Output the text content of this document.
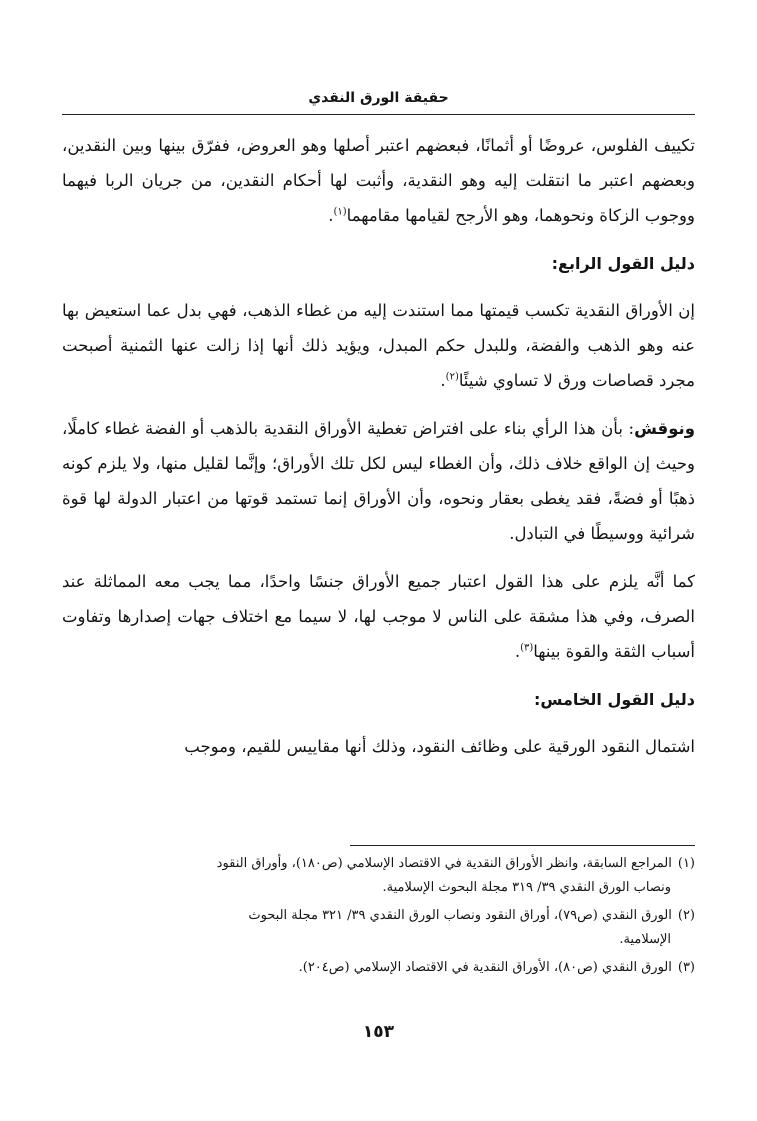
حقيقة الورق النقدي

تكييف الفلوس، عروضًا أو أثمانًا، فبعضهم اعتبر أصلها وهو العروض، ففرّق بينها وبين النقدين، وبعضهم اعتبر ما انتقلت إليه وهو النقدية، وأثبت لها أحكام النقدين، من جريان الربا فيهما ووجوب الزكاة ونحوهما، وهو الأرجح لقيامها مقامهما$^{(١)}$.

دليل القول الرابع:

إن الأوراق النقدية تكسب قيمتها مما استندت إليه من غطاء الذهب، فهي بدل عما استعيض بها عنه وهو الذهب والفضة، وللبدل حكم المبدل، ويؤيد ذلك أنها إذا زالت عنها الثمنية أصبحت مجرد قصاصات ورق لا تساوي شيئًا$^{(٢)}$.

ونوقش: بأن هذا الرأي بناء على افتراض تغطية الأوراق النقدية بالذهب أو الفضة غطاء كاملًا، وحيث إن الواقع خلاف ذلك، وأن الغطاء ليس لكل تلك الأوراق؛ وإنَّما لقليل منها، ولا يلزم كونه ذهبًا أو فضةً، فقد يغطى بعقار ونحوه، وأن الأوراق إنما تستمد قوتها من اعتبار الدولة لها قوة شرائية ووسيطًا في التبادل.

كما أنَّه يلزم على هذا القول اعتبار جميع الأوراق جنسًا واحدًا، مما يجب معه المماثلة عند الصرف، وفي هذا مشقة على الناس لا موجب لها، لا سيما مع اختلاف جهات إصدارها وتفاوت أسباب الثقة والقوة بينها$^{(٣)}$.

دليل القول الخامس:

اشتمال النقود الورقية على وظائف النقود، وذلك أنها مقاييس للقيم، وموجب

(١)المراجع السابقة، وانظر الأوراق النقدية في الاقتصاد الإسلامي (ص١٨٠)، وأوراق النقود
ونصاب الورق النقدي ٣٩/ ٣١٩ مجلة البحوث الإسلامية.
(٢)الورق النقدي (ص٧٩)، أوراق النقود ونصاب الورق النقدي ٣٩/ ٣٢١ مجلة البحوث
الإسلامية.
(٣)الورق النقدي (ص٨٠)، الأوراق النقدية في الاقتصاد الإسلامي (ص٢٠٤).
١٥٣
